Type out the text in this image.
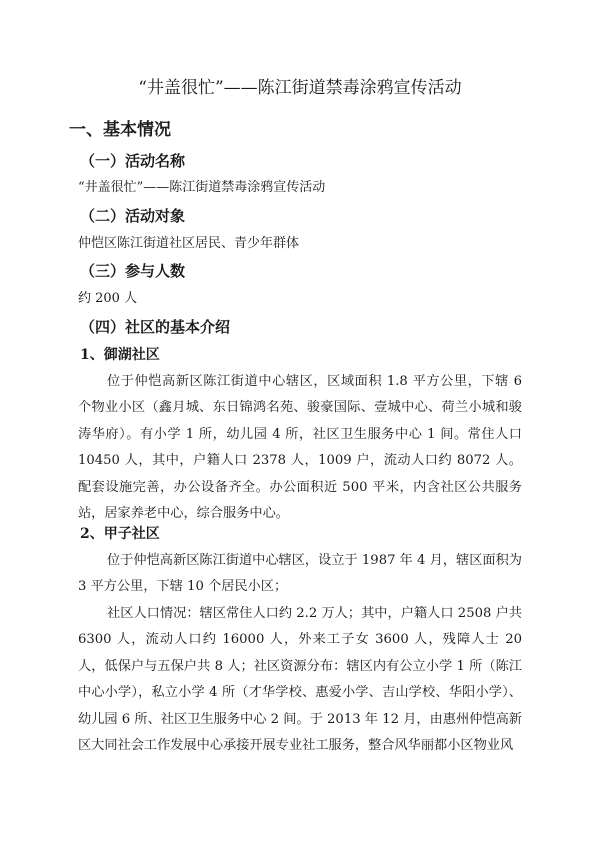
“井盖很忙”——陈江街道禁毒涂鸦宣传活动
一、基本情况
（一）活动名称
“井盖很忙”——陈江街道禁毒涂鸦宣传活动
（二）活动对象
仲恺区陈江街道社区居民、青少年群体
（三）参与人数
约 200 人
（四）社区的基本介绍
1、御湖社区
位于仲恺高新区陈江街道中心辖区，区域面积 1.8 平方公里，下辖 6 个物业小区（鑫月城、东日锦鸿名苑、骏豪国际、壹城中心、荷兰小城和骏涛华府）。有小学 1 所，幼儿园 4 所，社区卫生服务中心 1 间。常住人口 10450 人，其中，户籍人口 2378 人，1009 户，流动人口约 8072 人。配套设施完善，办公设备齐全。办公面积近 500 平米，内含社区公共服务站，居家养老中心，综合服务中心。
2、甲子社区
位于仲恺高新区陈江街道中心辖区，设立于 1987 年 4 月，辖区面积为 3 平方公里，下辖 10 个居民小区；
社区人口情况：辖区常住人口约 2.2 万人；其中，户籍人口 2508 户共 6300 人，流动人口约 16000 人，外来工子女 3600 人，残障人士 20 人，低保户与五保户共 8 人；社区资源分布：辖区内有公立小学 1 所（陈江中心小学），私立小学 4 所（才华学校、惠爱小学、吉山学校、华阳小学）、幼儿园 6 所、社区卫生服务中心 2 间。于 2013 年 12 月，由惠州仲恺高新区大同社会工作发展中心承接开展专业社工服务，整合风华丽都小区物业风
